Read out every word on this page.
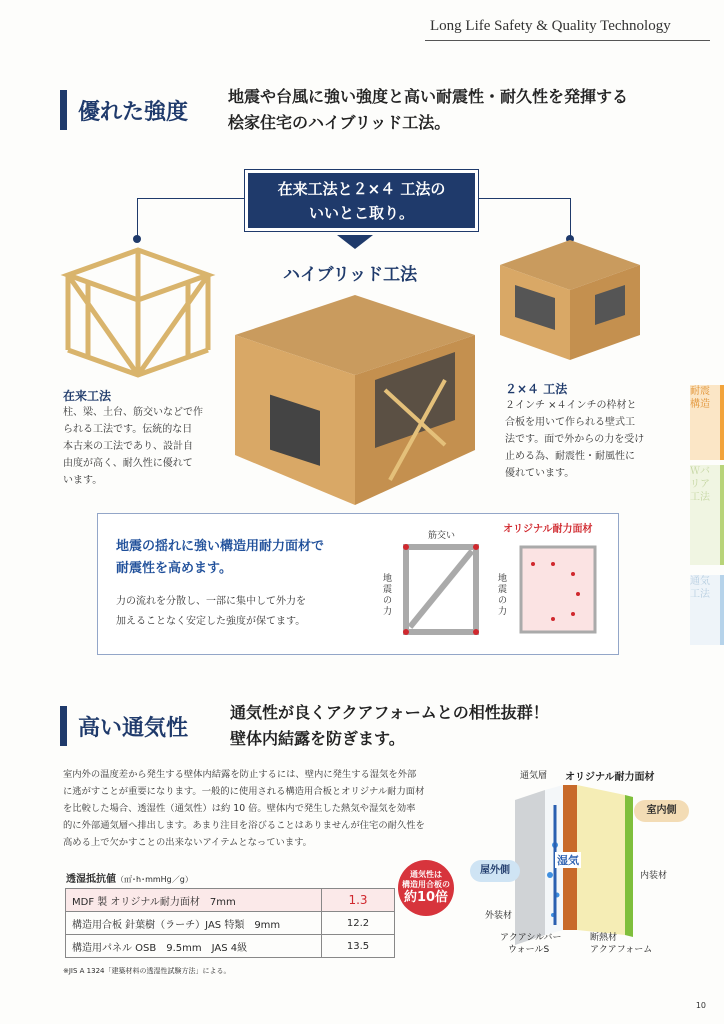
Long Life Safety & Quality Technology
優れた強度
地震や台風に強い強度と高い耐震性・耐久性を発揮する
桧家住宅のハイブリッド工法。
在来工法と２×４ 工法の
いいとこ取り。
ハイブリッド工法
在来工法
柱、梁、土台、筋交いなどで作
られる工法です。伝統的な日
本古来の工法であり、設計自
由度が高く、耐久性に優れて
います。
２×４ 工法
２インチ ×４インチの枠材と
合板を用いて作られる壁式工
法です。面で外からの力を受け
止める為、耐震性・耐風性に
優れています。
耐震構造
Ｗバリア工法
通気工法
地震の揺れに強い構造用耐力面材で
耐震性を高めます。
力の流れを分散し、一部に集中して外力を
加えることなく安定した強度が保てます。
筋交い
オリジナル耐力面材
地震の力
地震の力
高い通気性
通気性が良くアクアフォームとの相性抜群！
壁体内結露を防ぎます。
室内外の温度差から発生する壁体内結露を防止するには、壁内に発生する湿気を外部
に逃がすことが重要になります。一般的に使用される構造用合板とオリジナル耐力面材
を比較した場合、透湿性（通気性）は約 10 倍。壁体内で発生した熱気や湿気を効率
的に外部通気層へ排出します。あまり注目を浴びることはありませんが住宅の耐久性を
高める上で欠かすことの出来ないアイテムとなっています。
透湿抵抗値（㎡･h･mmHg／g）
MDF 製 オリジナル耐力面材　7mm	1.3
構造用合板 針葉樹（ラーチ）JAS 特類　9mm	12.2
構造用パネル OSB　9.5mm　JAS 4級	13.5
※JIS A 1324「建築材料の透湿性試験方法」による。
通気性は
構造用合板の
約10倍
通気層 オリジナル耐力面材
室内側
屋外側
湿気
内装材
外装材
アクアシルバー
ウォールS
断熱材
アクアフォーム
10
